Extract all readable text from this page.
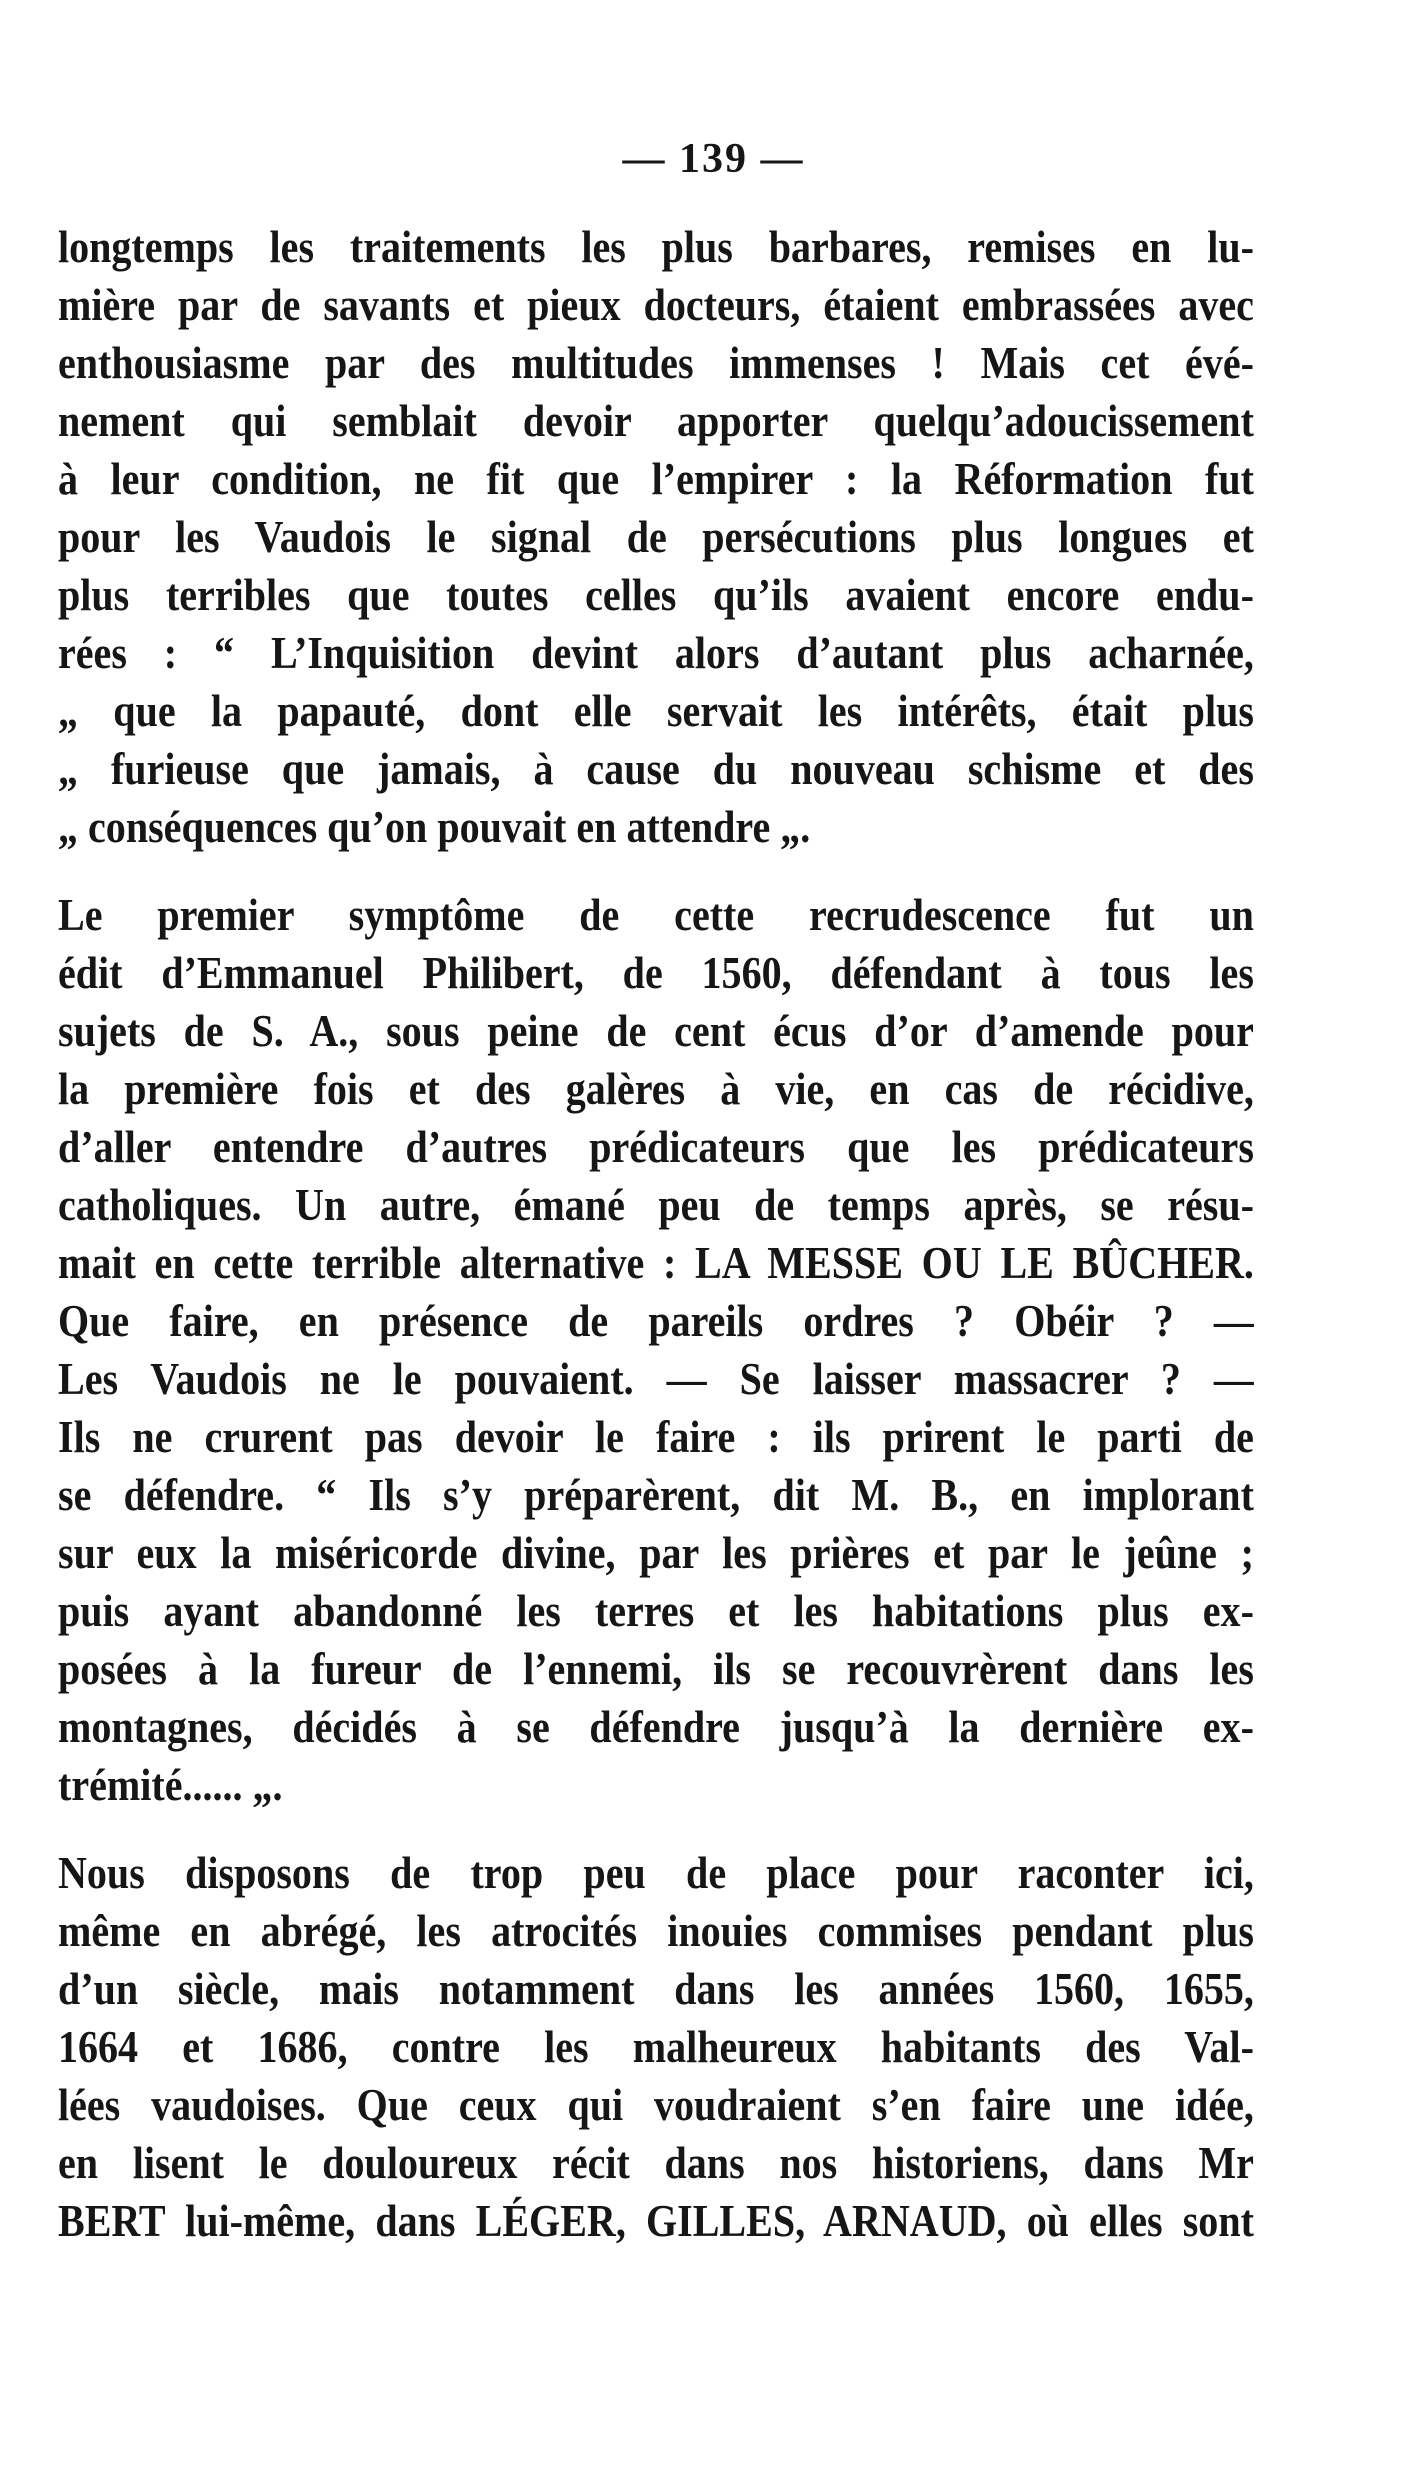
— 139 —
longtemps les traitements les plus barbares, remises en lu-
mière par de savants et pieux docteurs, étaient embrassées avec
enthousiasme par des multitudes immenses ! Mais cet évé-
nement qui semblait devoir apporter quelqu’adoucissement
à leur condition, ne fit que l’empirer : la Réformation fut
pour les Vaudois le signal de persécutions plus longues et
plus terribles que toutes celles qu’ils avaient encore endu-
rées : “ L’Inquisition devint alors d’autant plus acharnée,
„ que la papauté, dont elle servait les intérêts, était plus
„ furieuse que jamais, à cause du nouveau schisme et des
„ conséquences qu’on pouvait en attendre „.
Le premier symptôme de cette recrudescence fut un
édit d’Emmanuel Philibert, de 1560, défendant à tous les
sujets de S. A., sous peine de cent écus d’or d’amende pour
la première fois et des galères à vie, en cas de récidive,
d’aller entendre d’autres prédicateurs que les prédicateurs
catholiques. Un autre, émané peu de temps après, se résu-
mait en cette terrible alternative : LA MESSE OU LE BÛCHER.
Que faire, en présence de pareils ordres ? Obéir ? —
Les Vaudois ne le pouvaient. — Se laisser massacrer ? —
Ils ne crurent pas devoir le faire : ils prirent le parti de
se défendre. “ Ils s’y préparèrent, dit M. B., en implorant
sur eux la miséricorde divine, par les prières et par le jeûne ;
puis ayant abandonné les terres et les habitations plus ex-
posées à la fureur de l’ennemi, ils se recouvrèrent dans les
montagnes, décidés à se défendre jusqu’à la dernière ex-
trémité...... „.
Nous disposons de trop peu de place pour raconter ici,
même en abrégé, les atrocités inouies commises pendant plus
d’un siècle, mais notamment dans les années 1560, 1655,
1664 et 1686, contre les malheureux habitants des Val-
lées vaudoises. Que ceux qui voudraient s’en faire une idée,
en lisent le douloureux récit dans nos historiens, dans Mr
BERT lui-même, dans LÉGER, GILLES, ARNAUD, où elles sont
